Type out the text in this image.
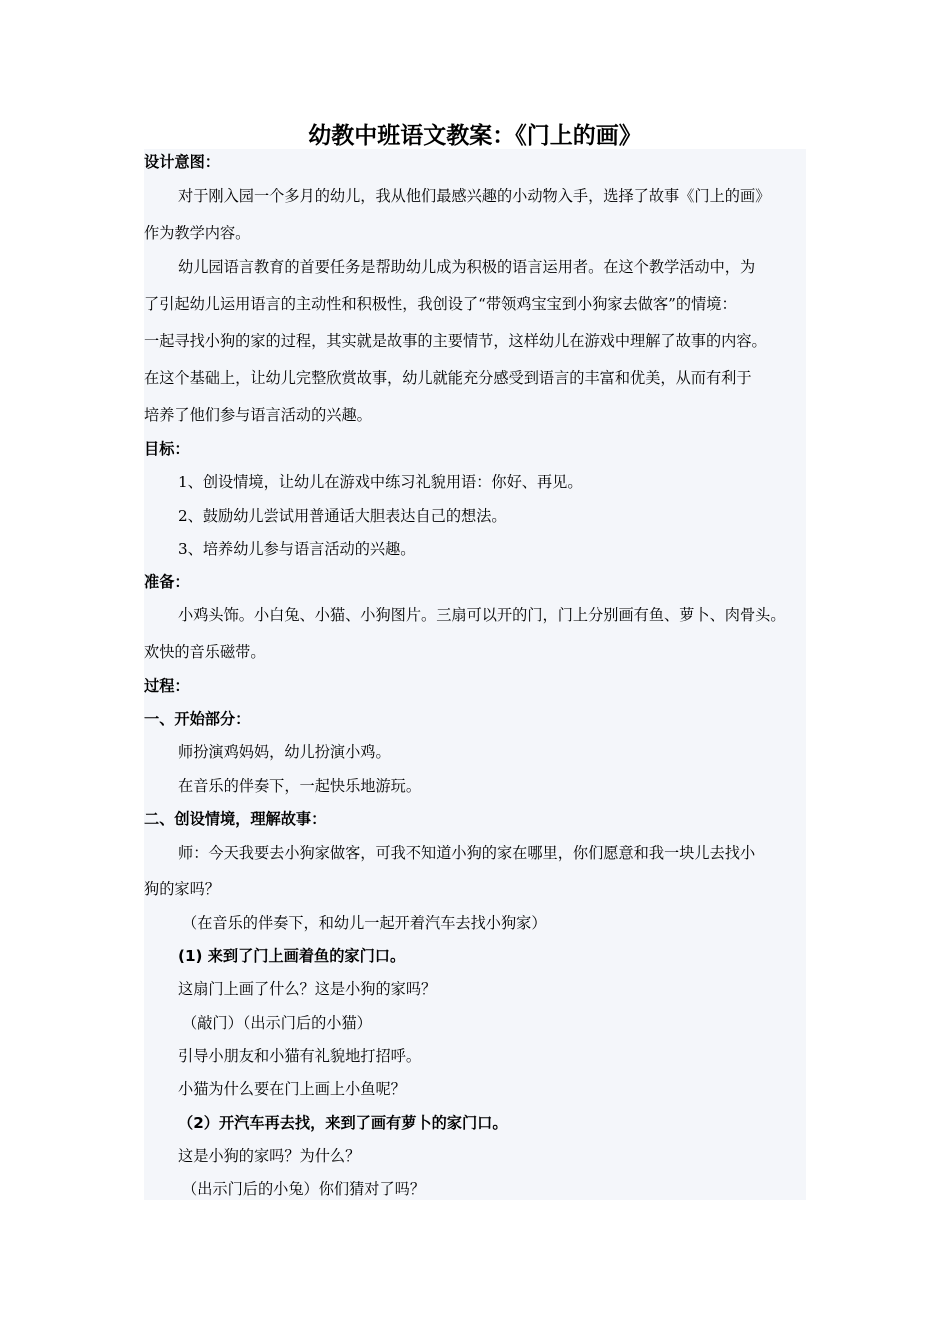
幼教中班语文教案：《门上的画》
设计意图：
对于刚入园一个多月的幼儿，我从他们最感兴趣的小动物入手，选择了故事《门上的画》
作为教学内容。
幼儿园语言教育的首要任务是帮助幼儿成为积极的语言运用者。在这个教学活动中，为
了引起幼儿运用语言的主动性和积极性，我创设了“带领鸡宝宝到小狗家去做客”的情境：
一起寻找小狗的家的过程，其实就是故事的主要情节，这样幼儿在游戏中理解了故事的内容。
在这个基础上，让幼儿完整欣赏故事，幼儿就能充分感受到语言的丰富和优美，从而有利于
培养了他们参与语言活动的兴趣。
目标：
1、创设情境，让幼儿在游戏中练习礼貌用语：你好、再见。
2、鼓励幼儿尝试用普通话大胆表达自己的想法。
3、培养幼儿参与语言活动的兴趣。
准备：
小鸡头饰。小白兔、小猫、小狗图片。三扇可以开的门，门上分别画有鱼、萝卜、肉骨头。
欢快的音乐磁带。
过程：
一、开始部分：
师扮演鸡妈妈，幼儿扮演小鸡。
在音乐的伴奏下，一起快乐地游玩。
二、创设情境，理解故事：
师：今天我要去小狗家做客，可我不知道小狗的家在哪里，你们愿意和我一块儿去找小
狗的家吗？
（在音乐的伴奏下，和幼儿一起开着汽车去找小狗家）
(1) 来到了门上画着鱼的家门口。
这扇门上画了什么？这是小狗的家吗？
（敲门）（出示门后的小猫）
引导小朋友和小猫有礼貌地打招呼。
小猫为什么要在门上画上小鱼呢？
（2）开汽车再去找，来到了画有萝卜的家门口。
这是小狗的家吗？为什么？
（出示门后的小兔）你们猜对了吗？
